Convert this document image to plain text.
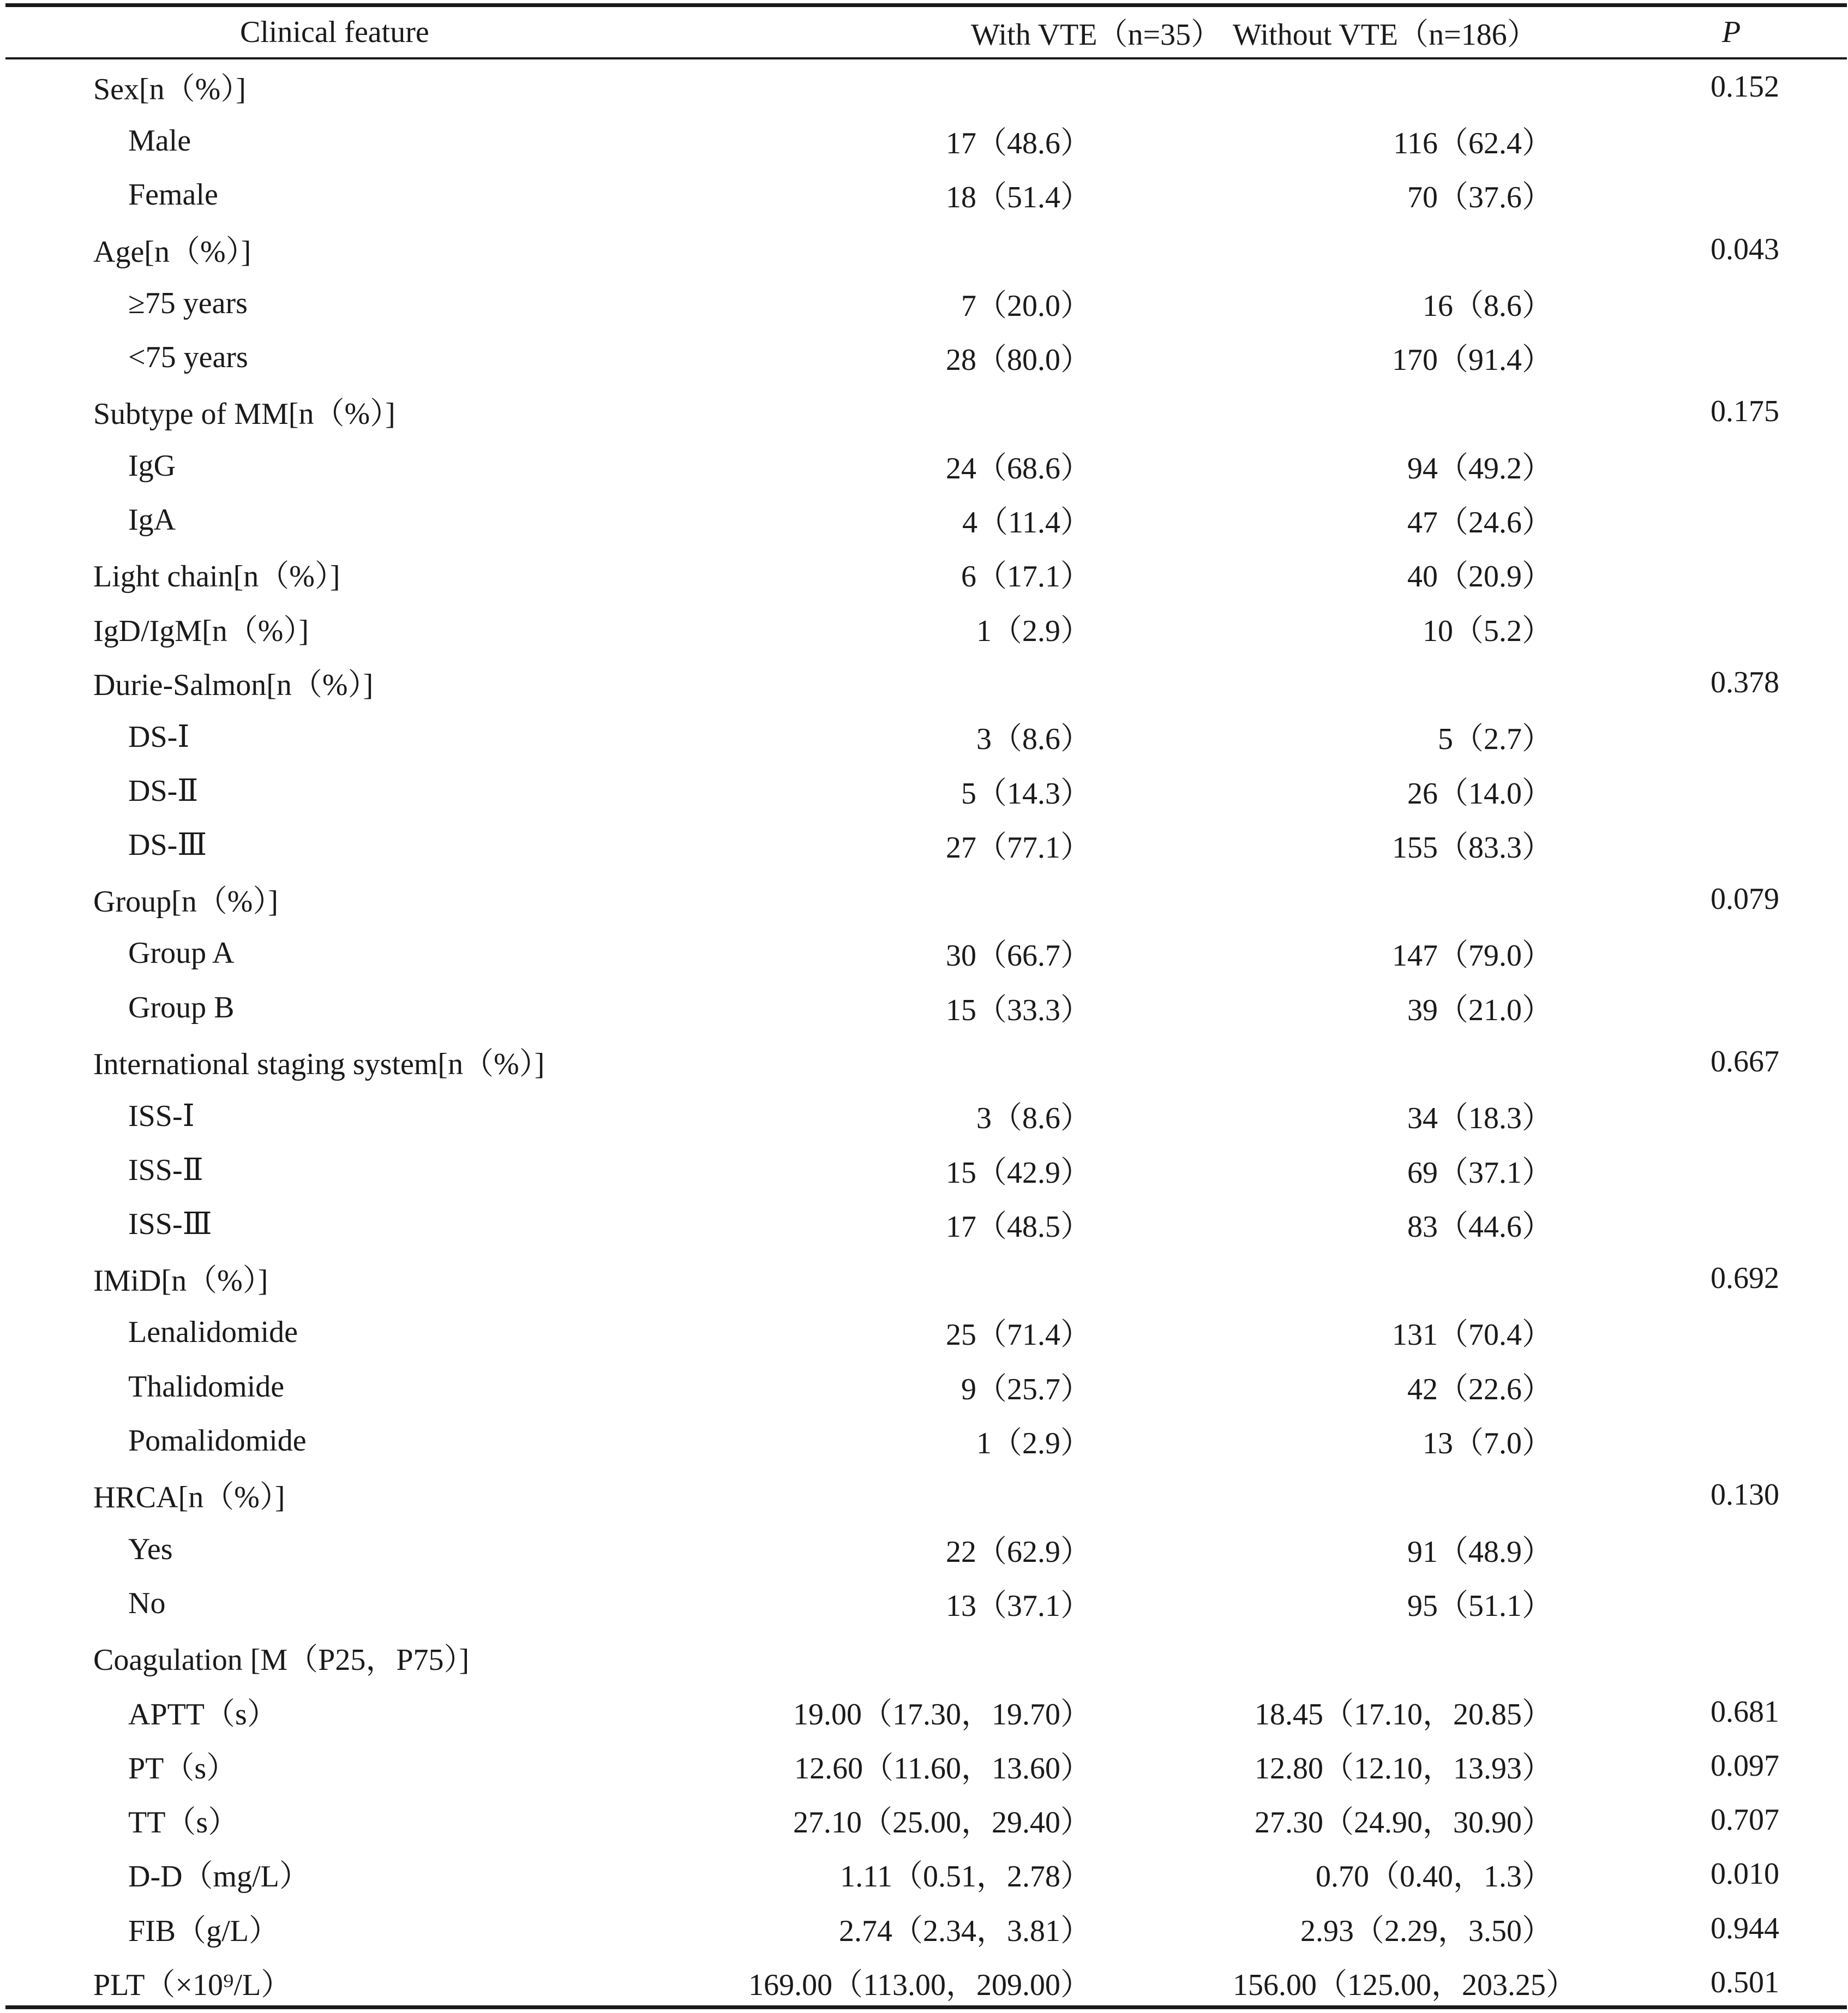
Clinical feature	With VTE（n=35）	Without VTE（n=186）	P
Sex[n（%）]			0.152
Male	17（48.6）	116（62.4）	
Female	18（51.4）	70（37.6）	
Age[n（%）]			0.043
≥75 years	7（20.0）	16（8.6）	
<75 years	28（80.0）	170（91.4）	
Subtype of MM[n（%）]			0.175
IgG	24（68.6）	94（49.2）	
IgA	4（11.4）	47（24.6）	
Light chain[n（%）]	6（17.1）	40（20.9）	
IgD/IgM[n（%）]	1（2.9）	10（5.2）	
Durie-Salmon[n（%）]			0.378
DS-Ⅰ	3（8.6）	5（2.7）	
DS-Ⅱ	5（14.3）	26（14.0）	
DS-Ⅲ	27（77.1）	155（83.3）	
Group[n（%）]			0.079
Group A	30（66.7）	147（79.0）	
Group B	15（33.3）	39（21.0）	
International staging system[n（%）]			0.667
ISS-Ⅰ	3（8.6）	34（18.3）	
ISS-Ⅱ	15（42.9）	69（37.1）	
ISS-Ⅲ	17（48.5）	83（44.6）	
IMiD[n（%）]			0.692
Lenalidomide	25（71.4）	131（70.4）	
Thalidomide	9（25.7）	42（22.6）	
Pomalidomide	1（2.9）	13（7.0）	
HRCA[n（%）]			0.130
Yes	22（62.9）	91（48.9）	
No	13（37.1）	95（51.1）	
Coagulation [M（P25，P75）]			
APTT（s）	19.00（17.30，19.70）	18.45（17.10，20.85）	0.681
PT（s）	12.60（11.60，13.60）	12.80（12.10，13.93）	0.097
TT（s）	27.10（25.00，29.40）	27.30（24.90，30.90）	0.707
D-D（mg/L）	1.11（0.51，2.78）	0.70（0.40，1.3）	0.010
FIB（g/L）	2.74（2.34，3.81）	2.93（2.29，3.50）	0.944
PLT（×10⁹/L）	169.00（113.00，209.00）	156.00（125.00，203.25）	0.501
